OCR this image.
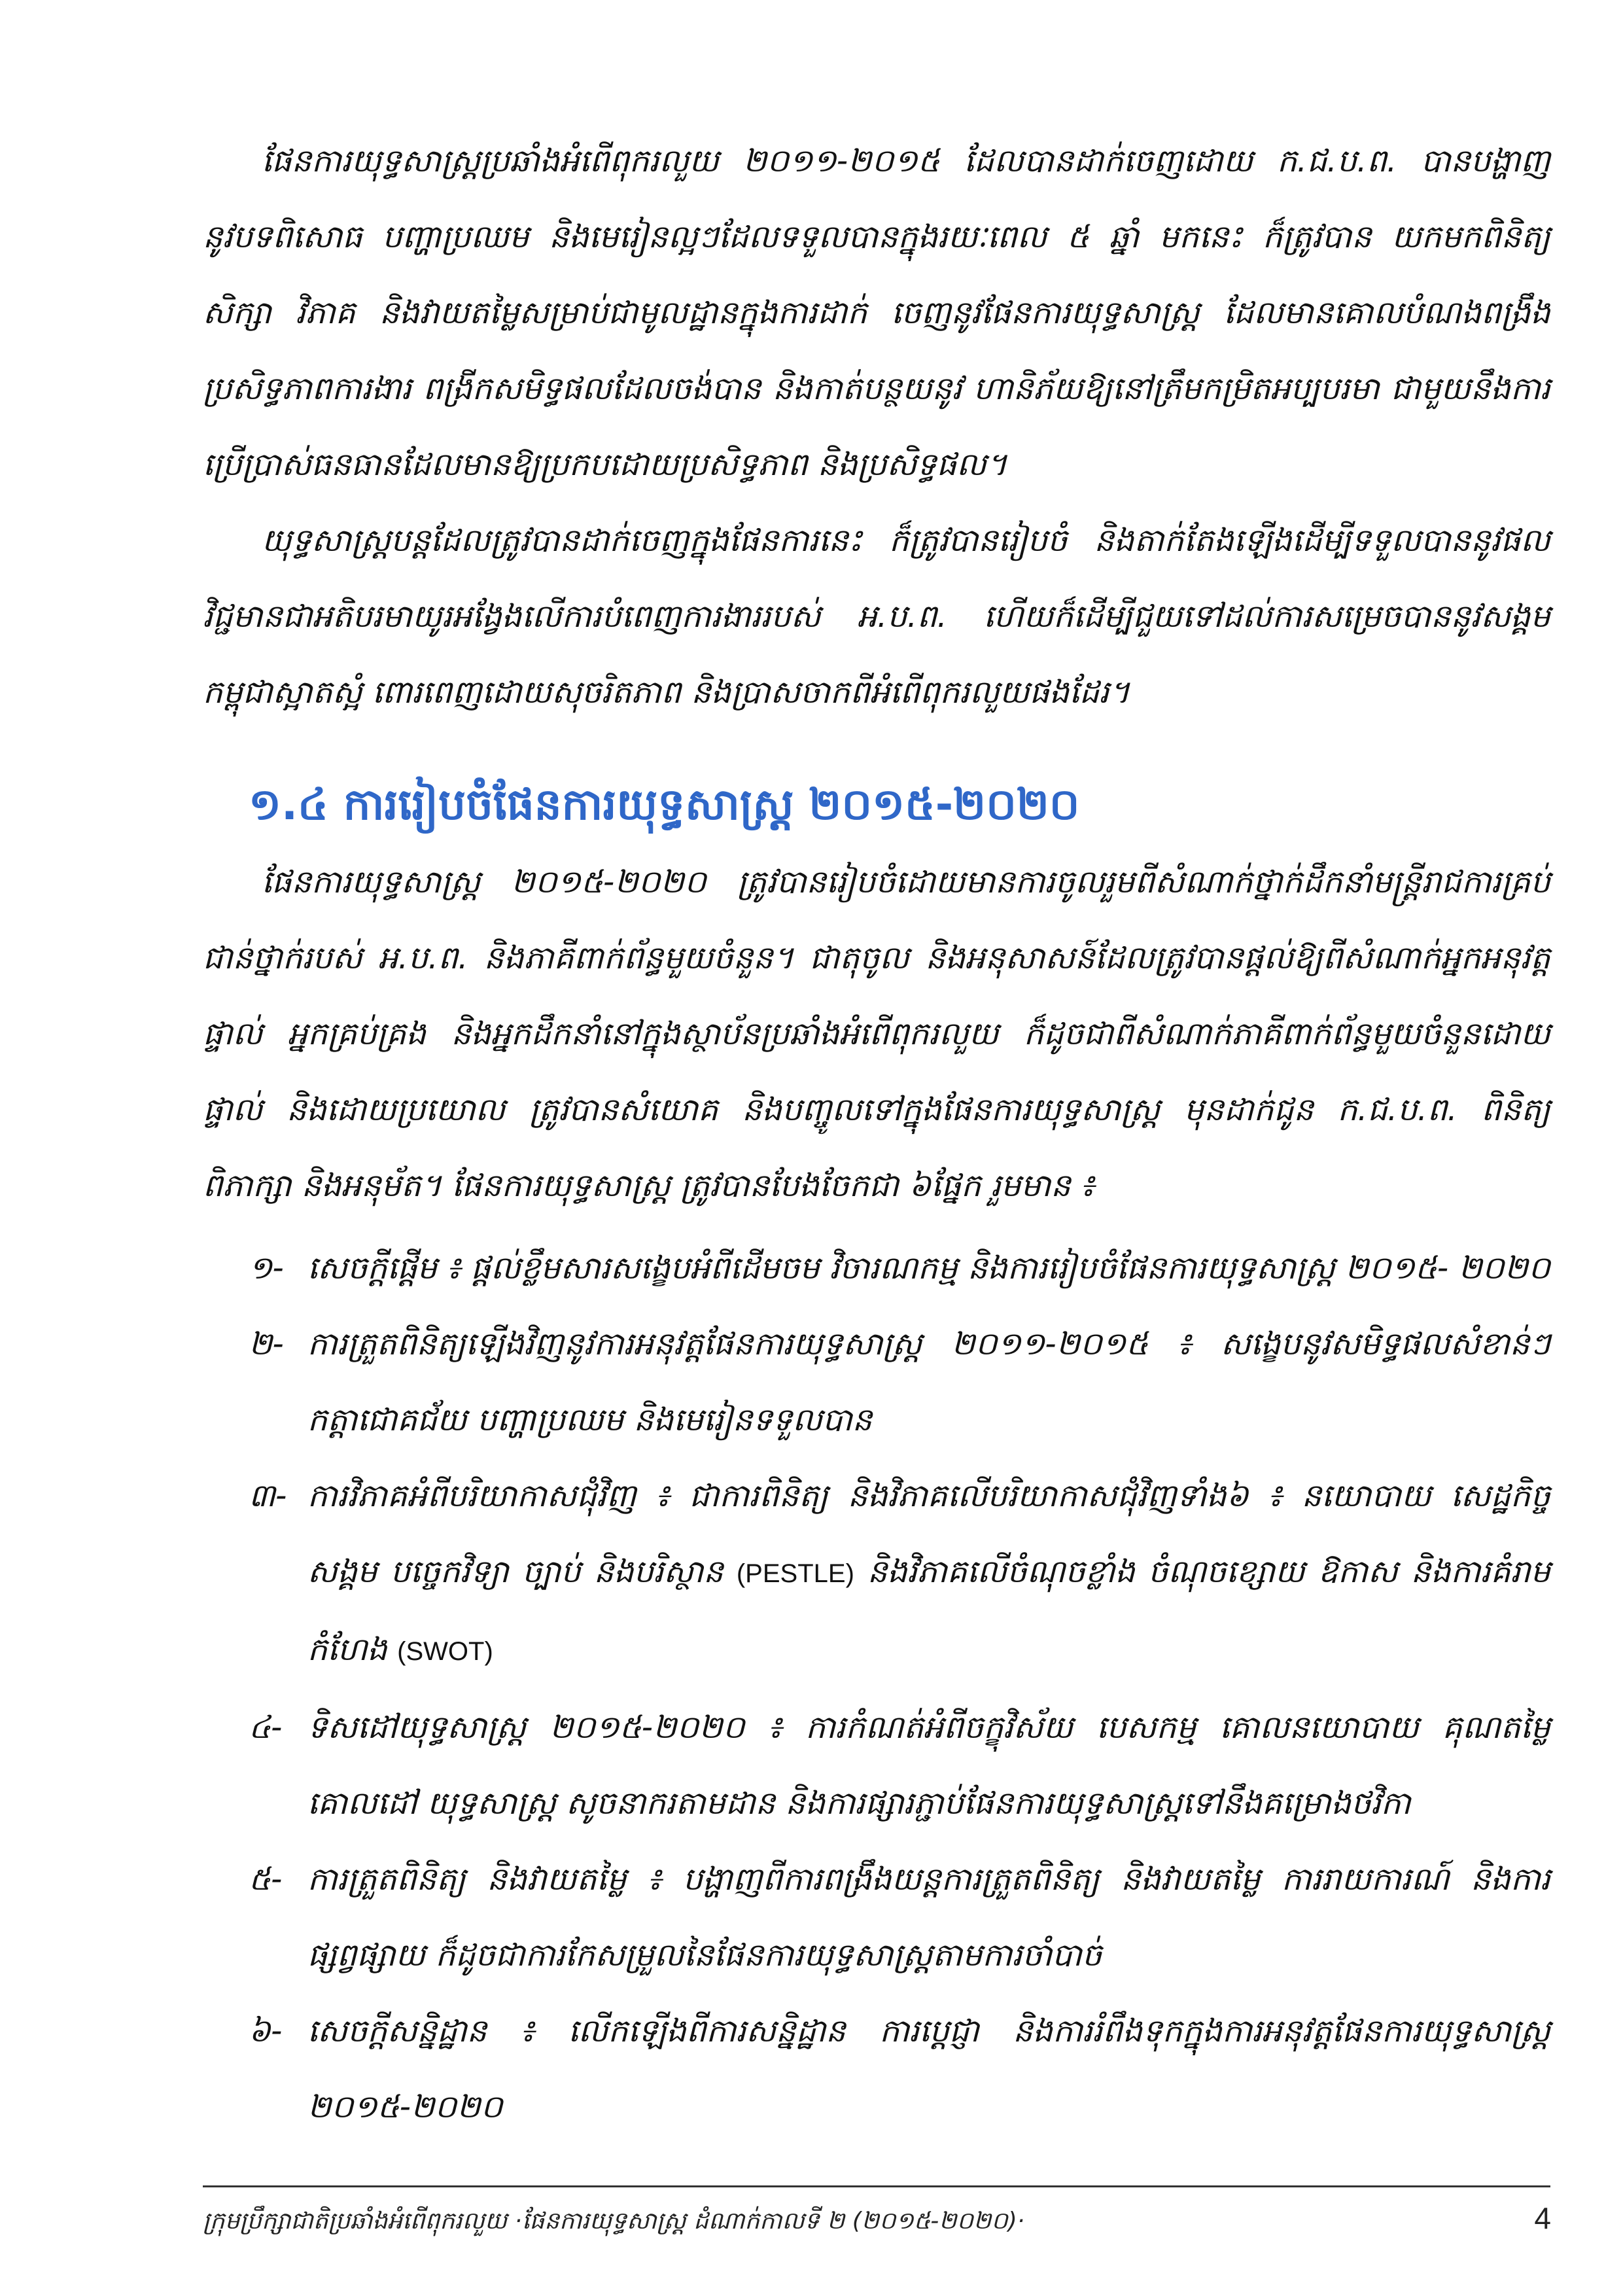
ផែនការយុទ្ធសាស្ត្រប្រឆាំងអំពើពុករលួយ ២០១១-២០១៥ ដែលបានដាក់ចេញដោយ ក.ជ.ប.ព. បានបង្ហាញនូវបទពិសោធ បញ្ហាប្រឈម និងមេរៀនល្អៗដែលទទួលបានក្នុងរយៈពេល ៥ ឆ្នាំ មកនេះ ក៏ត្រូវបាន យកមកពិនិត្យ សិក្សា វិភាគ និងវាយតម្លៃសម្រាប់ជាមូលដ្ឋានក្នុងការដាក់ ចេញនូវផែនការយុទ្ធសាស្ត្រ ដែលមានគោលបំណងពង្រឹងប្រសិទ្ធភាពការងារ ពង្រីកសមិទ្ធផលដែលចង់បាន និងកាត់បន្ថយនូវ ហានិភ័យឱ្យនៅត្រឹមកម្រិតអប្បបរមា ជាមួយនឹងការប្រើប្រាស់ធនធានដែលមានឱ្យប្រកបដោយប្រសិទ្ធភាព និងប្រសិទ្ធផល។

យុទ្ធសាស្ត្របន្តដែលត្រូវបានដាក់ចេញក្នុងផែនការនេះ ក៏ត្រូវបានរៀបចំ និងតាក់តែងឡើងដើម្បីទទួលបាននូវផលវិជ្ជមានជាអតិបរមាយូរអង្វែងលើការបំពេញការងាររបស់ អ.ប.ព. ហើយក៏ដើម្បីជួយទៅដល់ការសម្រេចបាននូវសង្គមកម្ពុជាស្អាតស្អំ ពោរពេញដោយសុចរិតភាព និងប្រាសចាកពីអំពើពុករលួយផងដែរ។

១.៤ ការរៀបចំផែនការយុទ្ធសាស្ត្រ ២០១៥-២០២០

ផែនការយុទ្ធសាស្ត្រ ២០១៥-២០២០ ត្រូវបានរៀបចំដោយមានការចូលរួមពីសំណាក់ថ្នាក់ដឹកនាំមន្ត្រីរាជការគ្រប់ជាន់ថ្នាក់របស់ អ.ប.ព. និងភាគីពាក់ព័ន្ធមួយចំនួន។ ជាតុចូល និងអនុសាសន៍ដែលត្រូវបានផ្តល់ឱ្យពីសំណាក់អ្នកអនុវត្តផ្ទាល់ អ្នកគ្រប់គ្រង និងអ្នកដឹកនាំនៅក្នុងស្ថាប័នប្រឆាំងអំពើពុករលួយ ក៏ដូចជាពីសំណាក់ភាគីពាក់ព័ន្ធមួយចំនួនដោយផ្ទាល់ និងដោយប្រយោល ត្រូវបានសំយោគ និងបញ្ចូលទៅក្នុងផែនការយុទ្ធសាស្ត្រ មុនដាក់ជូន ក.ជ.ប.ព. ពិនិត្យ ពិភាក្សា និងអនុម័ត។ ផែនការយុទ្ធសាស្ត្រ ត្រូវបានបែងចែកជា ៦ផ្នែក រួមមាន ៖

១- សេចក្តីផ្តើម ៖ ផ្តល់ខ្លឹមសារសង្ខេបអំពីដើមចម វិចារណកម្ម និងការរៀបចំផែនការយុទ្ធសាស្ត្រ ២០១៥- ២០២០
២- ការត្រួតពិនិត្យឡើងវិញនូវការអនុវត្តផែនការយុទ្ធសាស្ត្រ ២០១១-២០១៥ ៖ សង្ខេបនូវសមិទ្ធផលសំខាន់ៗ កត្តាជោគជ័យ បញ្ហាប្រឈម និងមេរៀនទទួលបាន
៣- ការវិភាគអំពីបរិយាកាសជុំវិញ ៖ ជាការពិនិត្យ និងវិភាគលើបរិយាកាសជុំវិញទាំង៦ ៖ នយោបាយ សេដ្ឋកិច្ច សង្គម បច្ចេកវិទ្យា ច្បាប់ និងបរិស្ថាន (PESTLE) និងវិភាគលើចំណុចខ្លាំង ចំណុចខ្សោយ ឱកាស និងការគំរាមកំហែង (SWOT)
៤- ទិសដៅយុទ្ធសាស្ត្រ ២០១៥-២០២០ ៖ ការកំណត់អំពីចក្ខុវិស័យ បេសកម្ម គោលនយោបាយ គុណតម្លៃ គោលដៅ យុទ្ធសាស្ត្រ សូចនាករតាមដាន និងការផ្សារភ្ជាប់ផែនការយុទ្ធសាស្ត្រទៅនឹងគម្រោងថវិកា
៥- ការត្រួតពិនិត្យ និងវាយតម្លៃ ៖ បង្ហាញពីការពង្រឹងយន្តការត្រួតពិនិត្យ និងវាយតម្លៃ ការរាយការណ៍ និងការផ្សព្វផ្សាយ ក៏ដូចជាការកែសម្រួលនៃផែនការយុទ្ធសាស្ត្រតាមការចាំបាច់
៦- សេចក្តីសន្និដ្ឋាន ៖ លើកឡើងពីការសន្និដ្ឋាន ការប្តេជ្ញា និងការរំពឹងទុកក្នុងការអនុវត្តផែនការយុទ្ធសាស្ត្រ ២០១៥-២០២០
ក្រុមប្រឹក្សាជាតិប្រឆាំងអំពើពុករលួយ ·ផែនការយុទ្ធសាស្ត្រ ដំណាក់កាលទី ២ (២០១៥-២០២០)·	4
